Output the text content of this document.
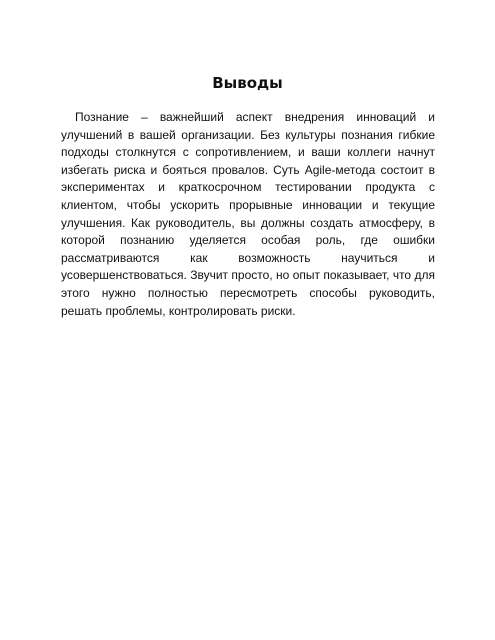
Выводы

Познание – важнейший аспект внедрения инноваций и улучшений в вашей организации. Без культуры познания гибкие подходы столкнутся с сопротивлением, и ваши коллеги начнут избегать риска и бояться провалов. Суть Agile-метода состоит в экспериментах и краткосрочном тестировании продукта с клиентом, чтобы ускорить прорывные инновации и текущие улучшения. Как руководитель, вы должны создать атмосферу, в которой познанию уделяется особая роль, где ошибки рассматриваются как возможность научиться и усовершенствоваться. Звучит просто, но опыт показывает, что для этого нужно полностью пересмотреть способы руководить, решать проблемы, контролировать риски.
